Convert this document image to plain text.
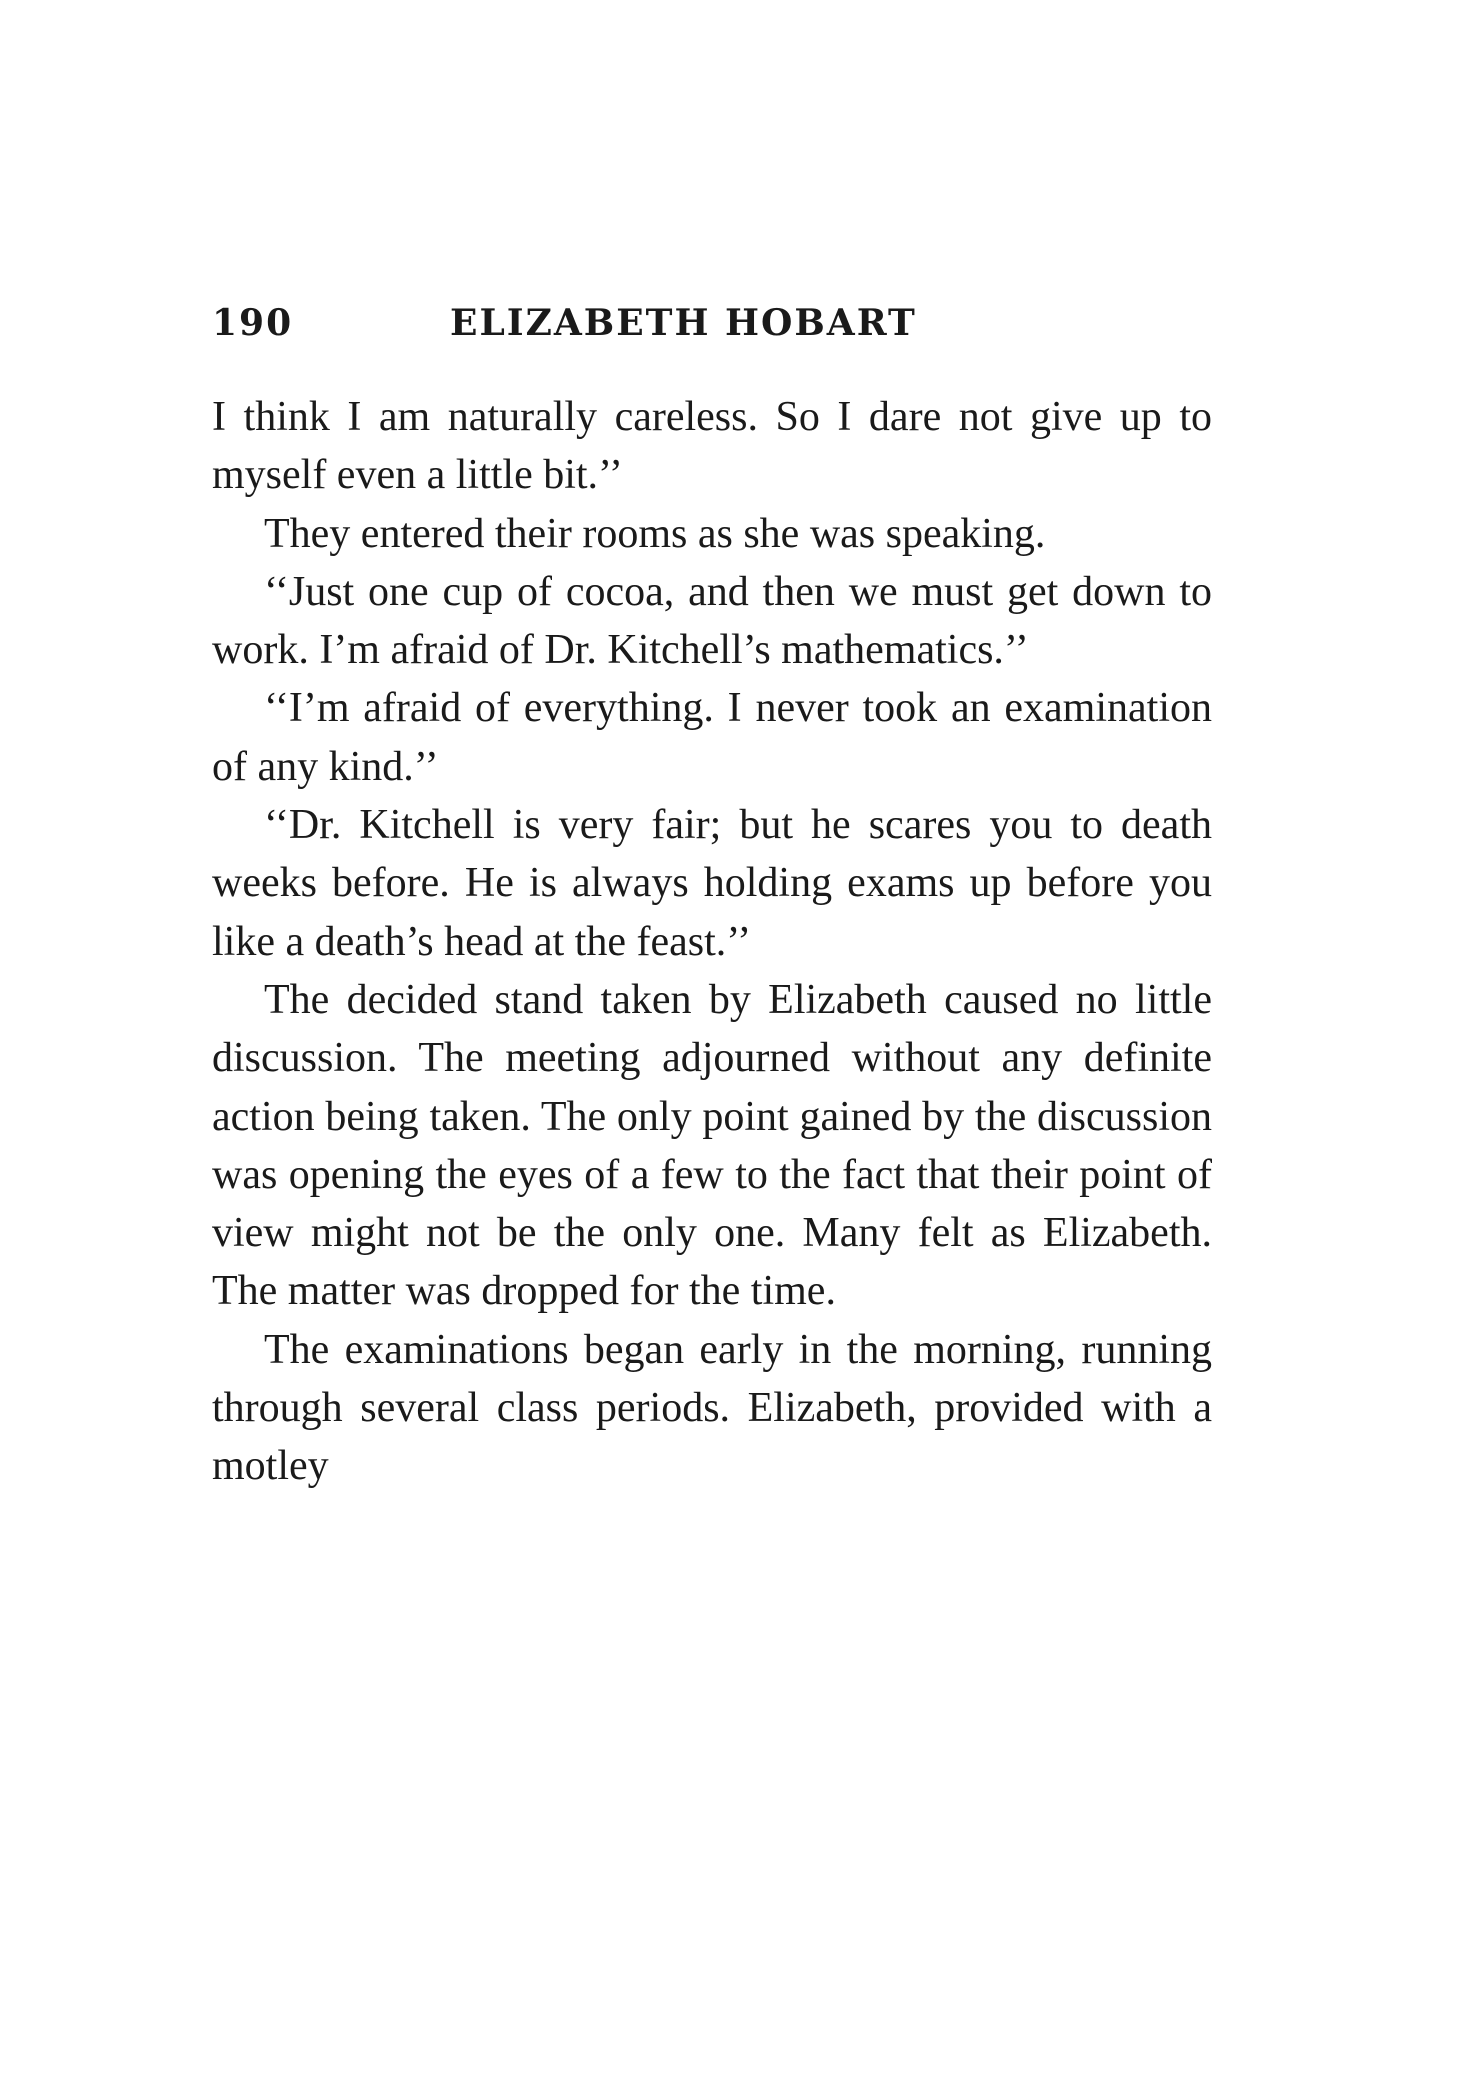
190	ELIZABETH HOBART

I think I am naturally careless. So I dare not give up to myself even a little bit.’’

They entered their rooms as she was speaking.

‘‘Just one cup of cocoa, and then we must get down to work. I’m afraid of Dr. Kitchell’s mathematics.’’

‘‘I’m afraid of everything. I never took an examination of any kind.’’

‘‘Dr. Kitchell is very fair; but he scares you to death weeks before. He is always holding exams up before you like a death’s head at the feast.’’

The decided stand taken by Elizabeth caused no little discussion. The meeting adjourned without any definite action being taken. The only point gained by the discussion was opening the eyes of a few to the fact that their point of view might not be the only one. Many felt as Elizabeth. The matter was dropped for the time.

The examinations began early in the morning, running through several class periods. Elizabeth, provided with a motley
